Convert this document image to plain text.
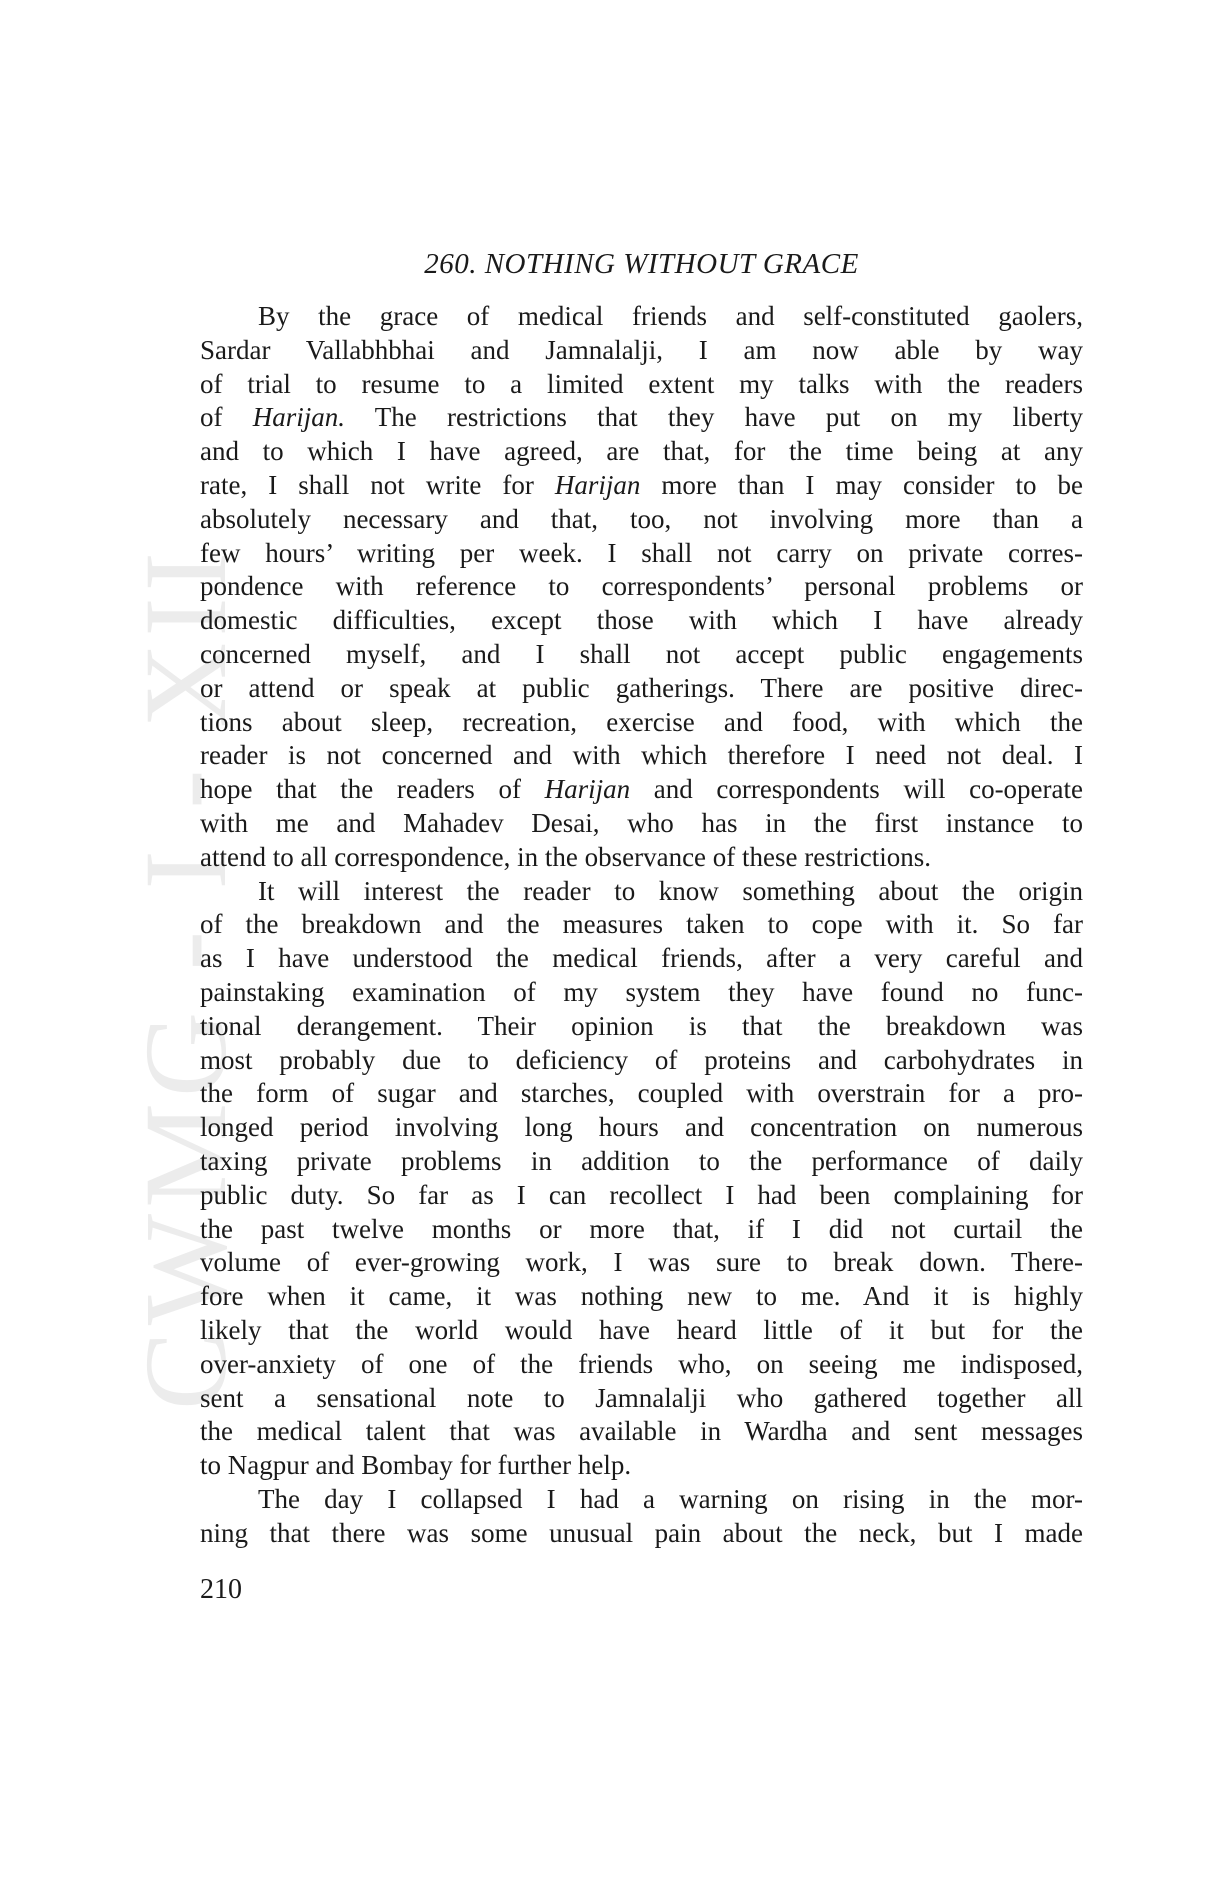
CWMG - I - XII
260. NOTHING WITHOUT GRACE
By the grace of medical friends and self-constituted gaolers,
Sardar Vallabhbhai and Jamnalalji, I am now able by way
of trial to resume to a limited extent my talks with the readers
of Harijan. The restrictions that they have put on my liberty
and to which I have agreed, are that, for the time being at any
rate, I shall not write for Harijan more than I may consider to be
absolutely necessary and that, too, not involving more than a
few hours’ writing per week. I shall not carry on private corres-
pondence with reference to correspondents’ personal problems or
domestic difficulties, except those with which I have already
concerned myself, and I shall not accept public engagements
or attend or speak at public gatherings. There are positive direc-
tions about sleep, recreation, exercise and food, with which the
reader is not concerned and with which therefore I need not deal. I
hope that the readers of Harijan and correspondents will co-operate
with me and Mahadev Desai, who has in the first instance to
attend to all correspondence, in the observance of these restrictions.
It will interest the reader to know something about the origin
of the breakdown and the measures taken to cope with it. So far
as I have understood the medical friends, after a very careful and
painstaking examination of my system they have found no func-
tional derangement. Their opinion is that the breakdown was
most probably due to deficiency of proteins and carbohydrates in
the form of sugar and starches, coupled with overstrain for a pro-
longed period involving long hours and concentration on numerous
taxing private problems in addition to the performance of daily
public duty. So far as I can recollect I had been complaining for
the past twelve months or more that, if I did not curtail the
volume of ever-growing work, I was sure to break down. There-
fore when it came, it was nothing new to me. And it is highly
likely that the world would have heard little of it but for the
over-anxiety of one of the friends who, on seeing me indisposed,
sent a sensational note to Jamnalalji who gathered together all
the medical talent that was available in Wardha and sent messages
to Nagpur and Bombay for further help.
The day I collapsed I had a warning on rising in the mor-
ning that there was some unusual pain about the neck, but I made
210
